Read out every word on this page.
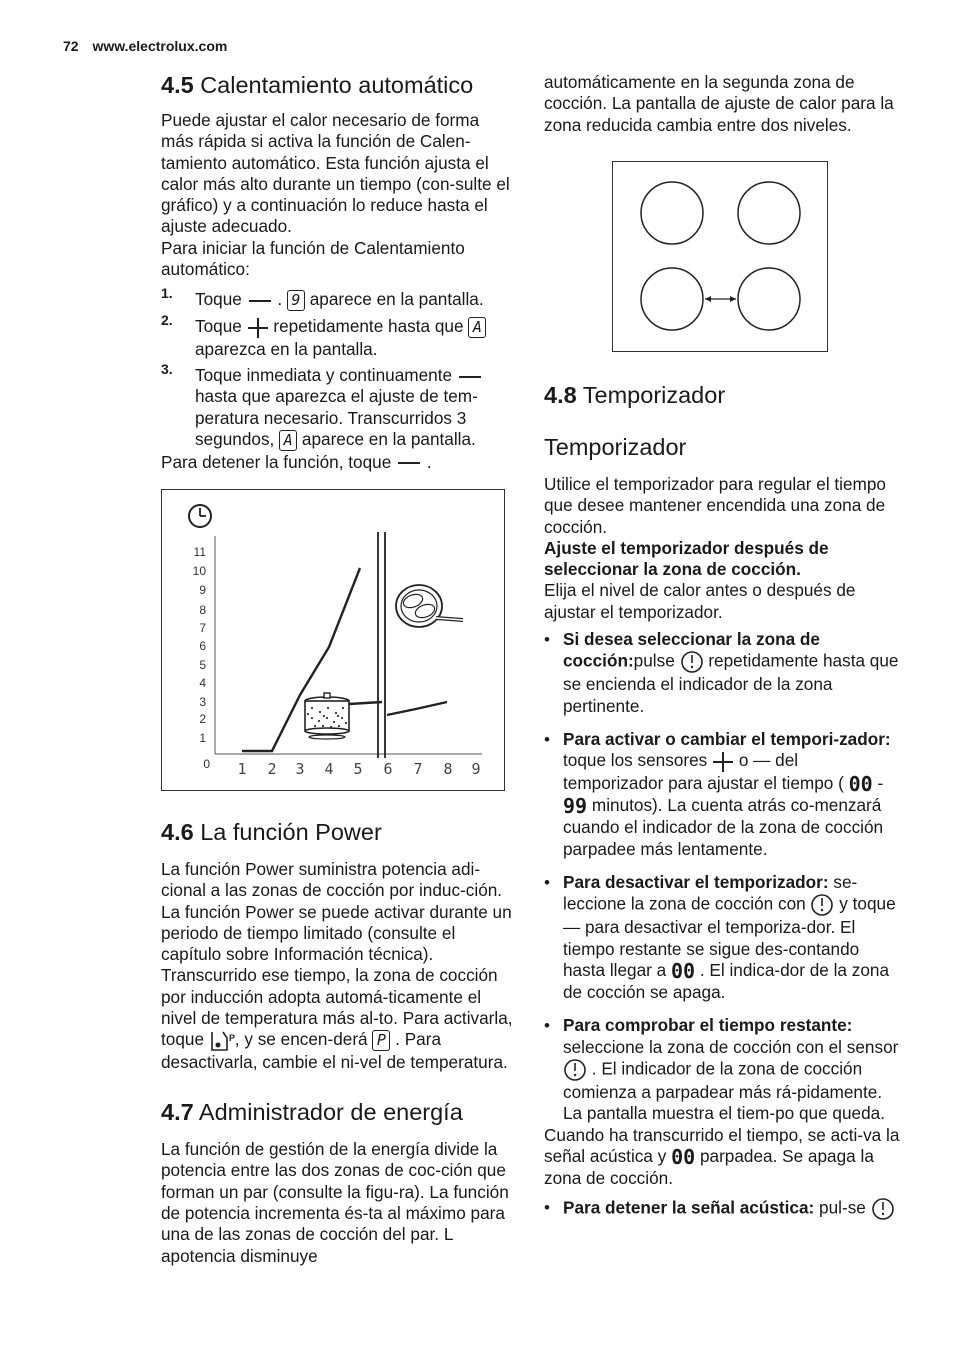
72 www.electrolux.com
4.5 Calentamiento automático

Puede ajustar el calor necesario de forma más rápida si activa la función de Calen-tamiento automático. Esta función ajusta el calor más alto durante un tiempo (con-sulte el gráfico) y a continuación lo reduce hasta el ajuste adecuado.

Para iniciar la función de Calentamiento automático:

1. Toque  . 9 aparece en la pantalla.
2. Toque repetidamente hasta que A aparezca en la pantalla.
3. Toque inmediata y continuamente  hasta que aparezca el ajuste de tem-peratura necesario. Transcurridos 3 segundos, A aparece en la pantalla.

Para detener la función, toque .

11
10
9
8
7
6
5
4
3
2
1
0 1 2 3 4 5 6 7 8 9
4.6 La función Power

La función Power suministra potencia adi-cional a las zonas de cocción por induc-ción. La función Power se puede activar durante un periodo de tiempo limitado (consulte el capítulo sobre Información técnica). Transcurrido ese tiempo, la zona de cocción por inducción adopta automá-ticamente el nivel de temperatura más al-to. Para activarla, toque	P , y se encen-derá P . Para desactivarla, cambie el ni-vel de temperatura.

4.7 Administrador de energía

La función de gestión de la energía divide la potencia entre las dos zonas de coc-ción que forman un par (consulte la figu-ra). La función de potencia incrementa és-ta al máximo para una de las zonas de cocción del par. L apotencia disminuye

automáticamente en la segunda zona de cocción. La pantalla de ajuste de calor para la zona reducida cambia entre dos niveles.

4.8 Temporizador
Temporizador

Utilice el temporizador para regular el tiempo que desee mantener encendida una zona de cocción.

Ajuste el temporizador después de seleccionar la zona de cocción.

Elija el nivel de calor antes o después de ajustar el temporizador.

• Si desea seleccionar la zona de cocción:pulse repetidamente hasta que se encienda el indicador de la zona pertinente.
• Para activar o cambiar el tempori-zador: toque los sensores o — del temporizador para ajustar el tiempo ( 00 - 99 minutos). La cuenta atrás co-menzará cuando el indicador de la zona de cocción parpadee más lentamente.
• Para desactivar el temporizador: se-leccione la zona de cocción con y toque — para desactivar el temporiza-dor. El tiempo restante se sigue des-contando hasta llegar a 00 . El indica-dor de la zona de cocción se apaga.
• Para comprobar el tiempo restante: seleccione la zona de cocción con el sensor  . El indicador de la zona de cocción comienza a parpadear más rá-pidamente. La pantalla muestra el tiem-po que queda.

Cuando ha transcurrido el tiempo, se acti-va la señal acústica y 00 parpadea. Se apaga la zona de cocción.

• Para detener la señal acústica: pul-se
